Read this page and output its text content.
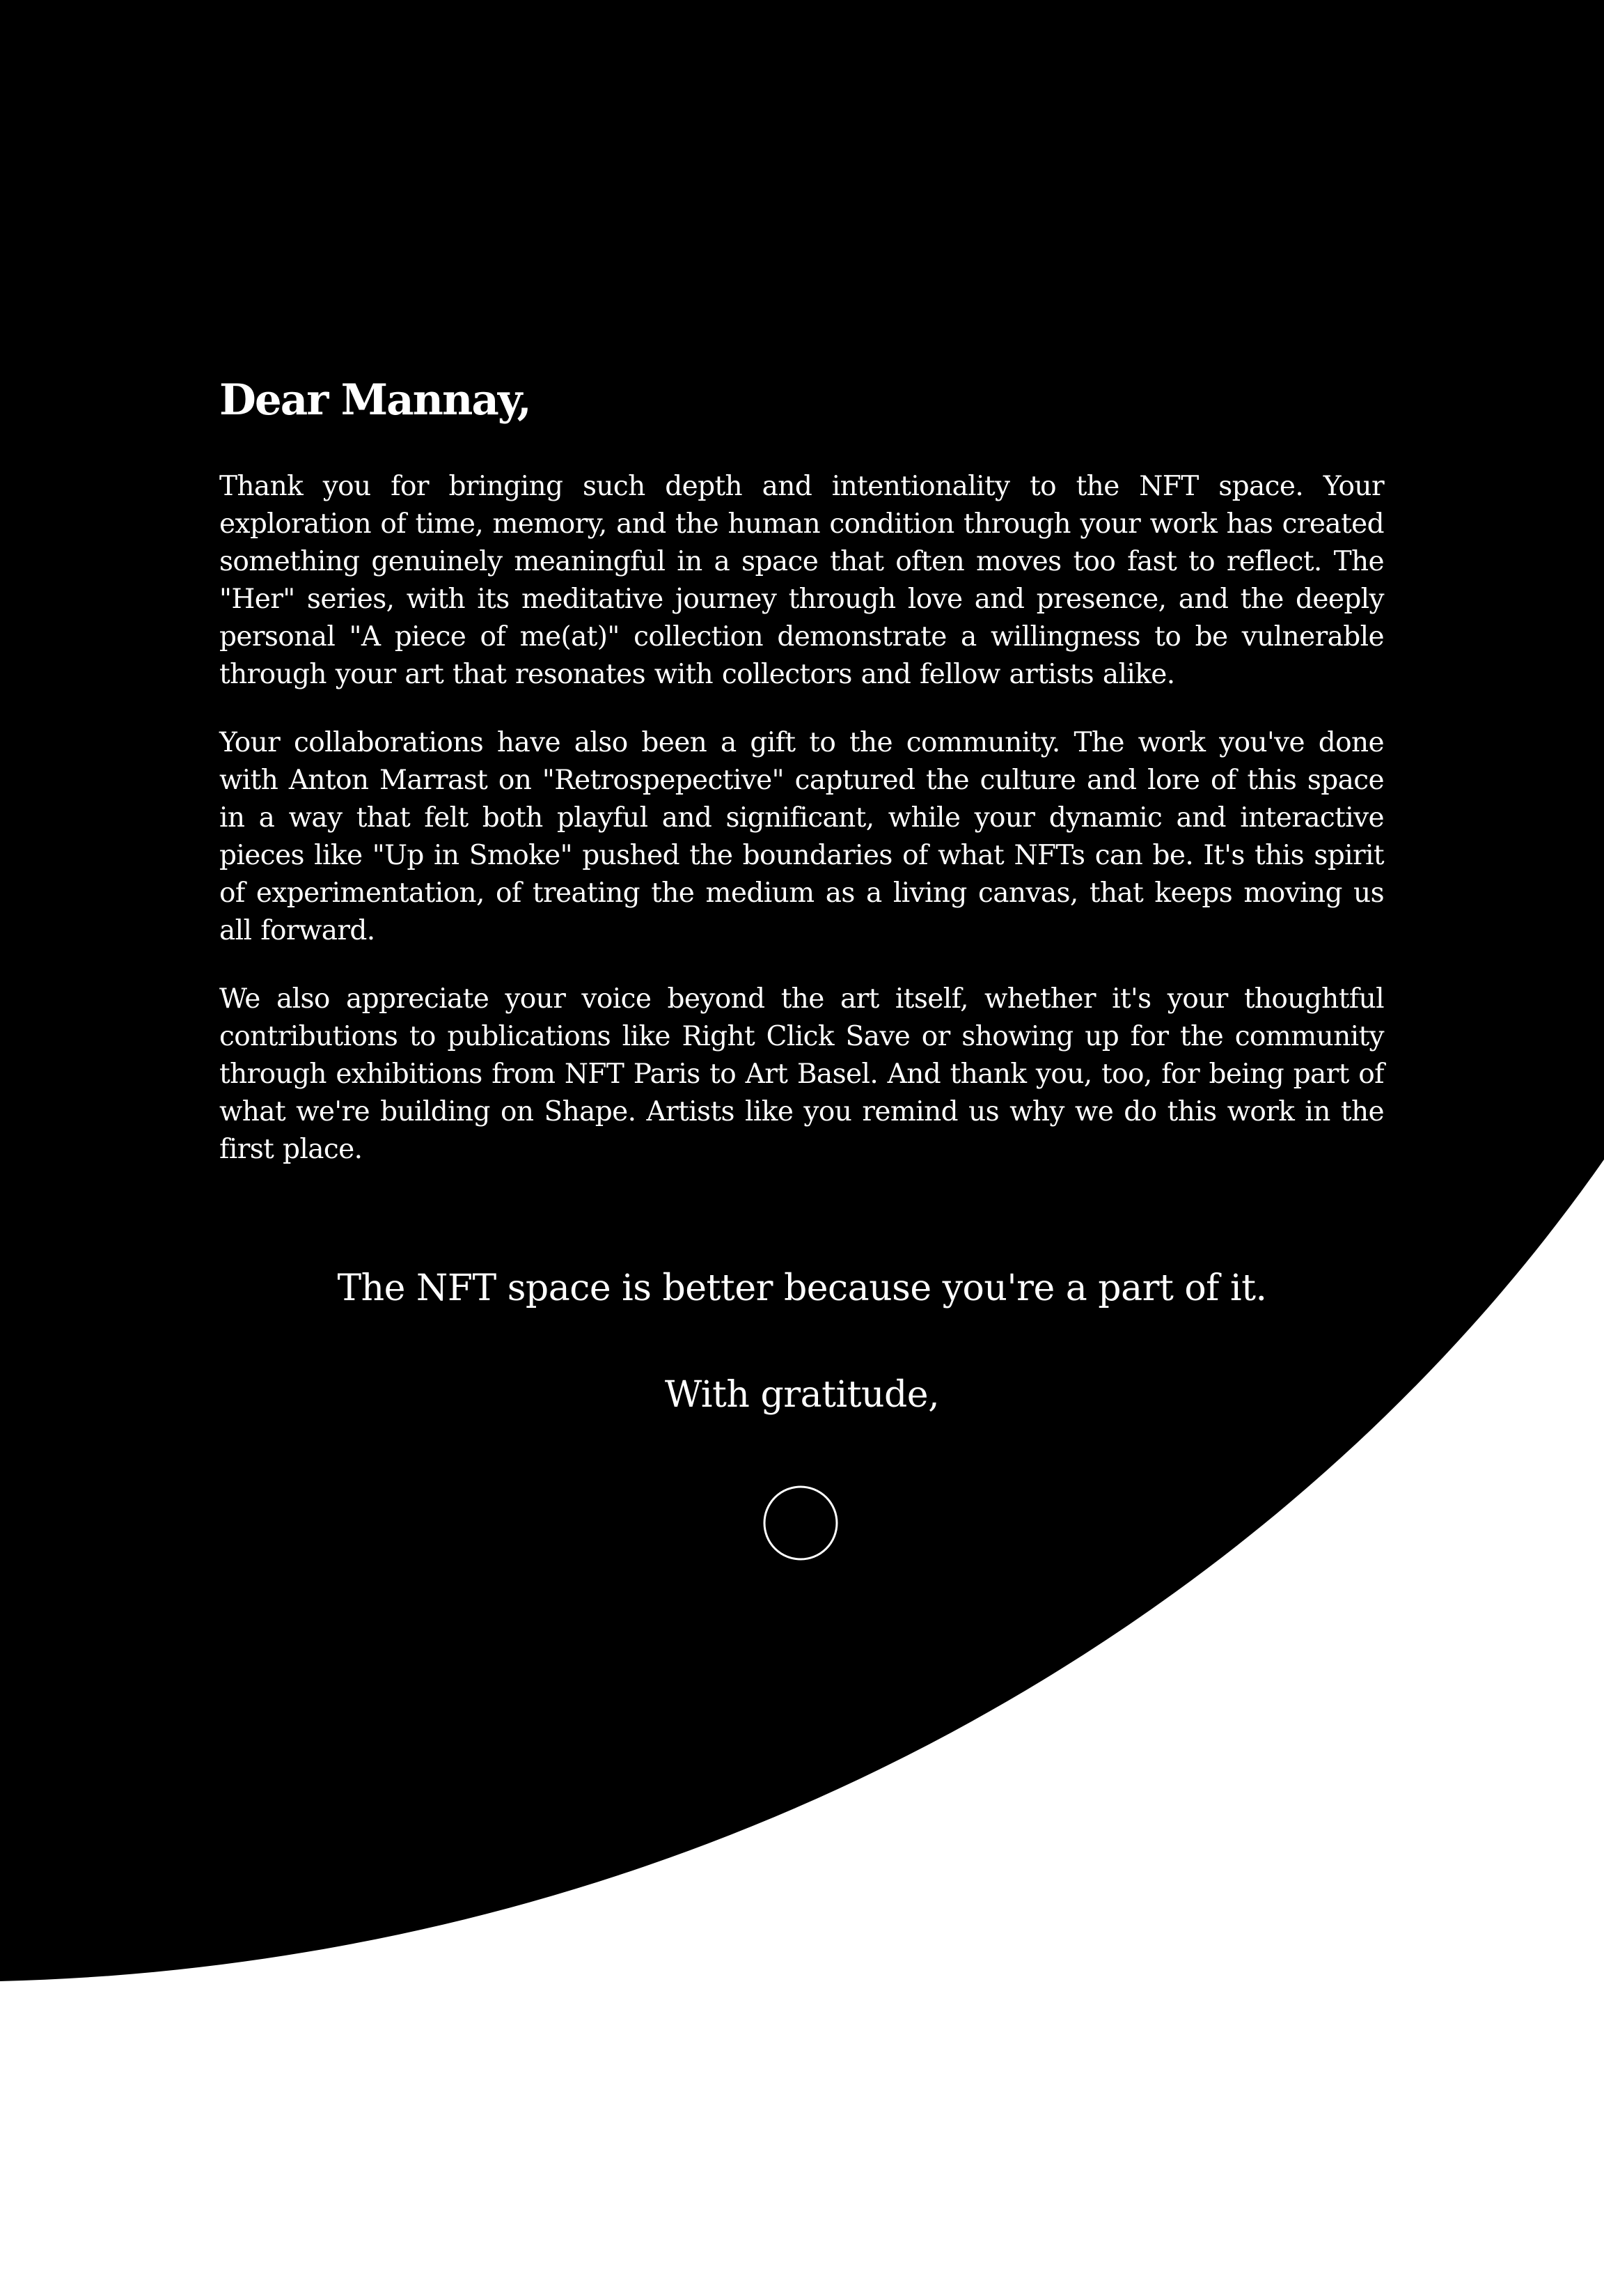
Dear Mannay,

Thank you for bringing such depth and intentionality to the NFT space. Your exploration of time, memory, and the human condition through your work has created something genuinely meaningful in a space that often moves too fast to reflect. The "Her" series, with its meditative journey through love and presence, and the deeply personal "A piece of me(at)" collection demonstrate a willingness to be vulnerable through your art that resonates with collectors and fellow artists alike.

Your collaborations have also been a gift to the community. The work you've done with Anton Marrast on "Retrospepective" captured the culture and lore of this space in a way that felt both playful and significant, while your dynamic and interactive pieces like "Up in Smoke" pushed the boundaries of what NFTs can be. It's this spirit of experimentation, of treating the medium as a living canvas, that keeps moving us all forward.

We also appreciate your voice beyond the art itself, whether it's your thoughtful contributions to publications like Right Click Save or showing up for the community through exhibitions from NFT Paris to Art Basel. And thank you, too, for being part of what we're building on Shape. Artists like you remind us why we do this work in the first place.

The NFT space is better because you're a part of it.
With gratitude,
